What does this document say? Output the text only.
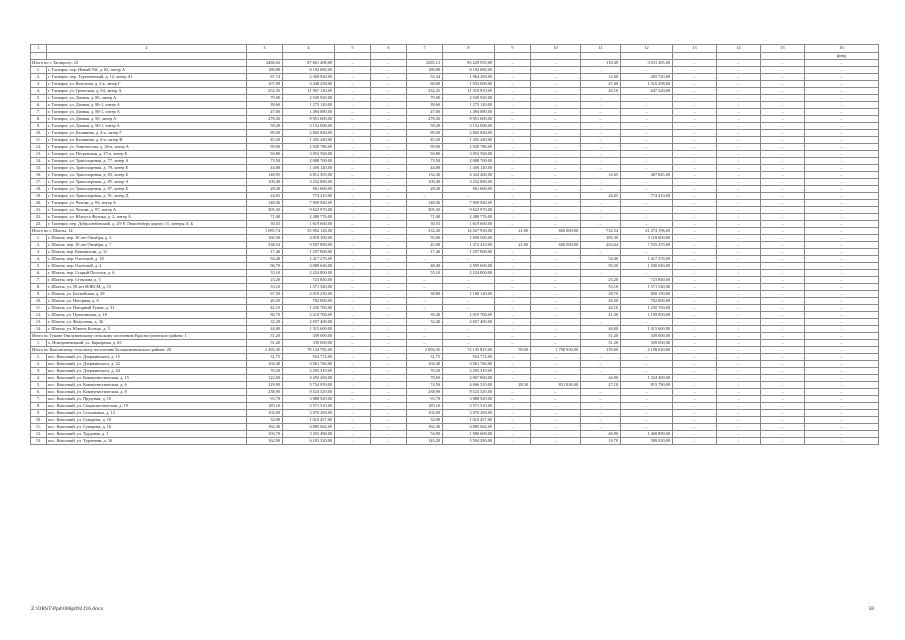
1	2	3	4	5	6	7	8	9	10	11	12	13	14	15	16
															фонд
Итого по г. Таганрогу: 23		2486,62	87 661 408,00	–	–	2285,13	83 229 955,00	–	–	118,49	3 831 495,00	–	–	–	–
1.	г. Таганрог, пер. Новый 9-й, д. 82, литер А	188,00	6 192 060,00	–	–	188,00	6 192 060,00	–	–	–	–	–	–	–	–
2.	г. Таганрог, пер. Тургеневский, д. 12, литер А1	67,74	2 369 920,00	–	–	53,34	1 964 200,00	–	–	12,60	405 720,00	–	–	–	–
3.	г. Таганрог, ул. Ватутина, д. 2 в, литер Г	107,09	3 448 258,00	–	–	60,00	1 932 000,00	–	–	47,09	1 516 298,00	–	–	–	–
4.	г. Таганрог, ул. Греческая, д. 94, литер А	252,35	11 967 130,00	–	–	232,25	11 319 910,00	–	–	20,10	647 220,00	–	–	–	–
5.	г. Таганрог, ул. Дачная, д. 86, литер А	79,00	2 530 920,00	–	–	79,00	2 530 920,00	–	–	–	–	–	–	–	–
6.	г. Таганрог, ул. Дачная, д. 86-1, литер А	39,60	1 275 120,00	–	–	39,60	1 275 120,00	–	–	–	–	–	–	–	–
7.	г. Таганрог, ул. Дачная, д. 88-1, литер А	47,00	1 494 080,00	–	–	47,00	1 494 080,00	–	–	–	–	–	–	–	–
8.	г. Таганрог, ул. Дачная, д. 90, литер А	278,20	8 951 600,00	–	–	278,20	8 951 600,00	–	–	–	–	–	–	–	–
9.	г. Таганрог, ул. Дачная, д. 90-1, литер А	58,20	5 152 000,00	–	–	58,20	5 152 000,00	–	–	–	–	–	–	–	–
10.	г. Таганрог, ул. Калинина, д. 4-а, литер Г	89,00	2 865 840,00	–	–	89,00	2 865 840,00	–	–	–	–	–	–	–	–
11.	г. Таганрог, ул. Калинина, д. 6-а, литер В	45,20	1 455 440,00	–	–	45,20	1 455 440,00	–	–	–	–	–	–	–	–
12.	г. Таганрог, ул. Ломоносова, д. 26-а, литер А	59,90	1 928 780,00	–	–	59,90	1 928 780,00	–	–	–	–	–	–	–	–
13.	г. Таганрог, ул. Петровская, д. 27-а, литер Б	94,80	3 052 560,00	–	–	94,80	3 052 560,00	–	–	–	–	–	–	–	–
14.	г. Таганрог, ул. Транспортная, д. 77, литер А	73,50	2 088 700,00	–	–	73,50	2 088 700,00	–	–	–	–	–	–	–	–
15.	г. Таганрог, ул. Транспортная, д. 79, литер Е	44,80	1 456 120,00	–	–	44,80	1 456 120,00	–	–	–	–	–	–	–	–
16.	г. Таганрог, ул. Транспортная, д. 83, литер Б	148,95	4 812 305,00	–	–	134,30	4 324 460,00	–	–	14,65	467 845,00	–	–	–	–
17.	г. Таганрог, ул. Транспортная, д. 85, литер А	100,40	3 232 880,00	–	–	100,40	3 232 880,00	–	–	–	–	–	–	–	–
18.	г. Таганрог, ул. Транспортная, д. 87, литер Б	28,30	901 600,00	–	–	28,30	901 600,00	–	–	–	–	–	–	–	–
19.	г. Таганрог, ул. Транспортная, д. 91, литер Д	24,05	774 410,00	–	–	–	–	–	–	24,05	774 410,00	–	–	–	–
20.	г. Таганрог, ул. Чехова, д. 93, литер А	148,56	7 009 940,00	–	–	148,56	7 009 940,00	–	–	–	–	–	–	–	–
21.	г. Таганрог, ул. Чехова, д. 97, литер А	305,35	9 622 970,00	–	–	305,35	9 622 970,00	–	–	–	–	–	–	–	–
22.	г. Таганрог, ул. Юлиуса Фучика, д. 2, литер А	71,08	2 288 776,00	–	–	71,08	2 288 776,00	–	–	–	–	–	–	–	–
23.	г. Таганрог, пер. Добролюбовский, д. 29/ Р. Люксембург, корпус 11, литеры А, Б	50,55	1 619 660,00	–	–	50,55	1 619 660,00	–	–	–	–	–	–	–	–
Итого по г. Шахты: 14		1 085,74	35 902 126,00	–	–	332,20	14 027 930,00	21,00	600 000,00	732,54	21 274 196,00	–	–	–	–
1.	г. Шахты, пер. 10 лет Октября, д. 3	160,30	4 818 100,00	–	–	55,00	1 699 500,00	–	–	105,30	3 118 600,00	–	–	–	–
2.	г. Шахты, пер. 10 лет Октября, д. 7	338,54	9 507 880,00	–	–	45,90	1 372 410,00	21,00	600 000,00	263,64	7 535 470,00	–	–	–	–
3.	г. Шахты, пер. Коновалова, д. 11	17,40	1 297 800,00	–	–	17,40	1 297 800,00	–	–	–	–	–	–	–	–
4.	г. Шахты, пер. Охотский, д. 18	54,40	1 417 276,00	–	–	–	–	–	–	54,40	1 417 276,00	–	–	–	–
5.	г. Шахты, пер. Охотский, д. 4	96,70	4 089 640,00	–	–	48,40	2 595 600,00	–	–	50,30	1 500 040,00	–	–	–	–
6.	г. Шахты, пер. Старый Поселок, д. 6	55,10	2 224 800,00	–	–	55,10	2 224 800,00	–	–	–	–	–	–	–	–
7.	г. Шахты, пер. Стеклова, д. 5	23,20	723 840,00	–	–	–	–	–	–	23,20	723 840,00	–	–	–	–
8.	г. Шахты, ул. 50 лет ВЛКСМ, д. 15	53,10	1 571 540,00	–	–	–	–	–	–	53,10	1 571 540,00	–	–	–	–
9.	г. Шахты, ул. Балтийская, д. 28	67,50	2 018 250,00	–	–	38,80	1 160 120,00	–	–	28,70	858 130,00	–	–	–	–
10.	г. Шахты, ул. Нагорная, д. 6	26,50	782 000,00	–	–	–	–	–	–	26,50	782 000,00	–	–	–	–
11.	г. Шахты, ул. Нагорный Тупик, д. 31	42,10	1 250 700,00	–	–	–	–	–	–	42,10	1 250 700,00	–	–	–	–
12.	г. Шахты, ул. Пушкинская, д. 18	80,70	2 218 700,00	–	–	39,40	1 019 700,00	–	–	41,30	1 199 000,00	–	–	–	–
13.	г. Шахты, ул. Федосеева, д. 36	32,20	2 657 400,00	–	–	32,20	2 657 400,00	–	–	–	–	–	–	–	–
14.	г. Шахты, ул. Южное Кольцо, д. 5	44,00	1 315 600,00	–	–	–	–	–	–	44,00	1 315 600,00	–	–	–	–
Итого по Гуково-Гнилушевскому сельскому поселению Красносулинского района: 1		51,20	339 000,00	–	–	–	–	–	–	51,20	339 000,00	–	–	–	–
1.	х. Новоровенецкий, ул. Карьерная, д. 65	51,20	339 000,00	–	–	–	–	–	–	51,20	339 000,00	–	–	–	–
Итого по Коксовскому сельскому поселению Белокалитвинского района: 20		2 293,45	78 124 785,00	–	–	2 094,35	72 135 815,00	59,50	1 790 950,00	139,60	4 198 020,00	–	–	–	–
1.	пос. Коксовый, ул. Дзержинского, д. 15	31,75	954 772,00	–	–	31,75	954 772,00	–	–	–	–	–	–	–	–
2.	пос. Коксовый, ул. Дзержинского, д. 22	102,40	3 061 760,00	–	–	102,40	3 061 760,00	–	–	–	–	–	–	–	–
3.	пос. Коксовый, ул. Дзержинского, д. 24	76,50	2 293 319,00	–	–	76,50	2 293 319,00	–	–	–	–	–	–	–	–
4.	пос. Коксовый, ул. Коммунистическая, д. 15	122,60	4 292 260,00	–	–	78,60	2 967 860,00	–	–	44,00	1 324 400,00	–	–	–	–
5.	пос. Коксовый, ул. Коммунистическая, д. 6	129,90	5 754 959,00	–	–	74,50	4 066 510,00	28,30	851 830,00	27,10	815 790,00	–	–	–	–
6.	пос. Коксовый, ул. Коммунистическая, д. 8	238,90	8 524 320,00	–	–	238,90	8 524 320,00	–	–	–	–	–	–	–	–
7.	пос. Коксовый, ул. Прудовая, д. 10	93,70	3 888 920,00	–	–	93,70	3 888 920,00	–	–	–	–	–	–	–	–
8.	пос. Коксовый, ул. Социалистическая, д. 19	185,10	5 571 510,00	–	–	185,10	5 571 510,00	–	–	–	–	–	–	–	–
9.	пос. Коксовый, ул. Стахановка, д. 12	102,00	3 070 200,00	–	–	102,00	3 070 200,00	–	–	–	–	–	–	–	–
10.	пос. Коксовый, ул. Суворова, д. 10	34,90	1 010 457,00	–	–	34,90	1 010 457,00	–	–	–	–	–	–	–	–
11.	пос. Коксовый, ул. Суворова, д. 16	162,30	4 885 062,00	–	–	162,30	4 885 062,00	–	–	–	–	–	–	–	–
12.	пос. Коксовый, ул. Трудовая, д. 1	103,70	3 455 490,00	–	–	54,90	1 986 600,00	–	–	48,80	1 468 890,00	–	–	–	–
13.	пос. Коксовый, ул. Тургенева, д. 16	162,90	6 183 320,00	–	–	143,20	5 594 290,00	–	–	19,70	589 030,00	–	–	–	–
Z:\ORST\Ppd\006p092.f16.docx	58
